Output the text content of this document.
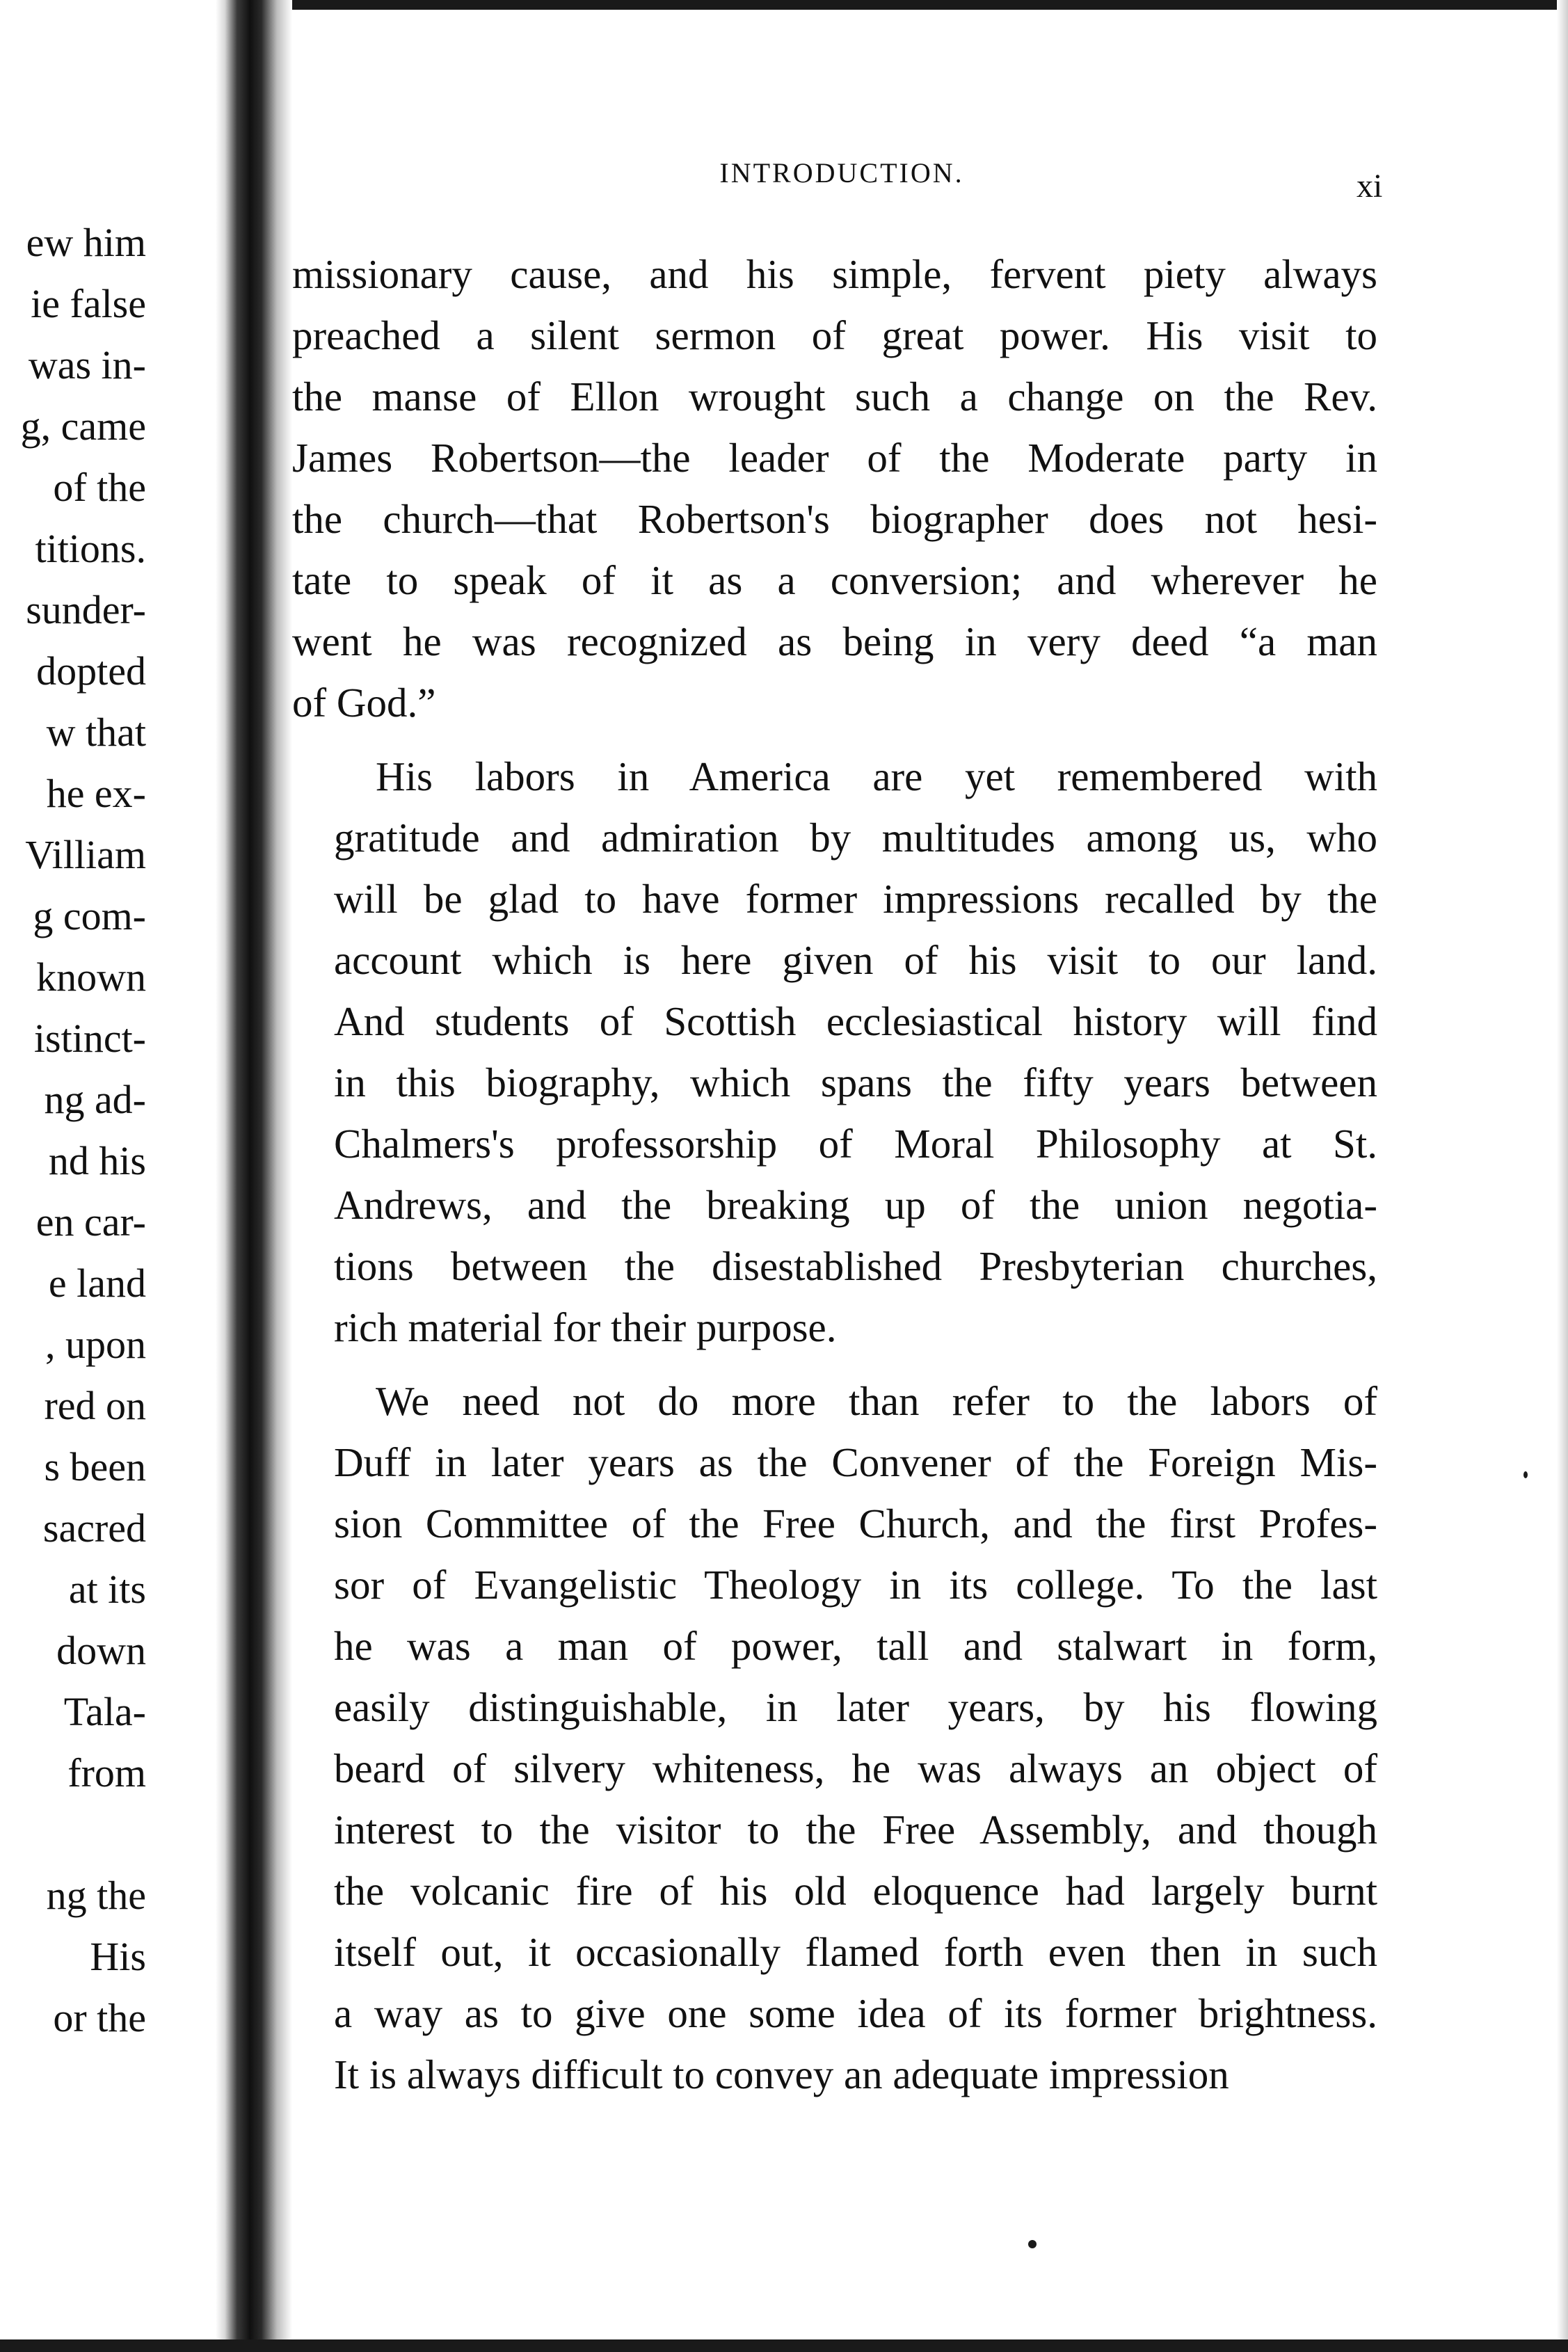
ew him
ie false
was in-
g, came
of the
titions.
sunder-
dopted
w that
he ex-
Villiam
g com-
known
istinct-
ng ad-
nd his
en car-
e land
, upon
red on
s been
sacred
at its
down
Tala-
from
ng the
His
or the
INTRODUCTION.	xi
missionary cause, and his simple, fervent piety always
preached a silent sermon of great power. His visit to
the manse of Ellon wrought such a change on the Rev.
James Robertson—the leader of the Moderate party in
the church—that Robertson's biographer does not hesi-
tate to speak of it as a conversion; and wherever he
went he was recognized as being in very deed “a man
of God.”
His labors in America are yet remembered with
gratitude and admiration by multitudes among us, who
will be glad to have former impressions recalled by the
account which is here given of his visit to our land.
And students of Scottish ecclesiastical history will find
in this biography, which spans the fifty years between
Chalmers's professorship of Moral Philosophy at St.
Andrews, and the breaking up of the union negotia-
tions between the disestablished Presbyterian churches,
rich material for their purpose.
We need not do more than refer to the labors of
Duff in later years as the Convener of the Foreign Mis-
sion Committee of the Free Church, and the first Profes-
sor of Evangelistic Theology in its college. To the last
he was a man of power, tall and stalwart in form,
easily distinguishable, in later years, by his flowing
beard of silvery whiteness, he was always an object of
interest to the visitor to the Free Assembly, and though
the volcanic fire of his old eloquence had largely burnt
itself out, it occasionally flamed forth even then in such
a way as to give one some idea of its former brightness.
It is always difficult to convey an adequate impression
